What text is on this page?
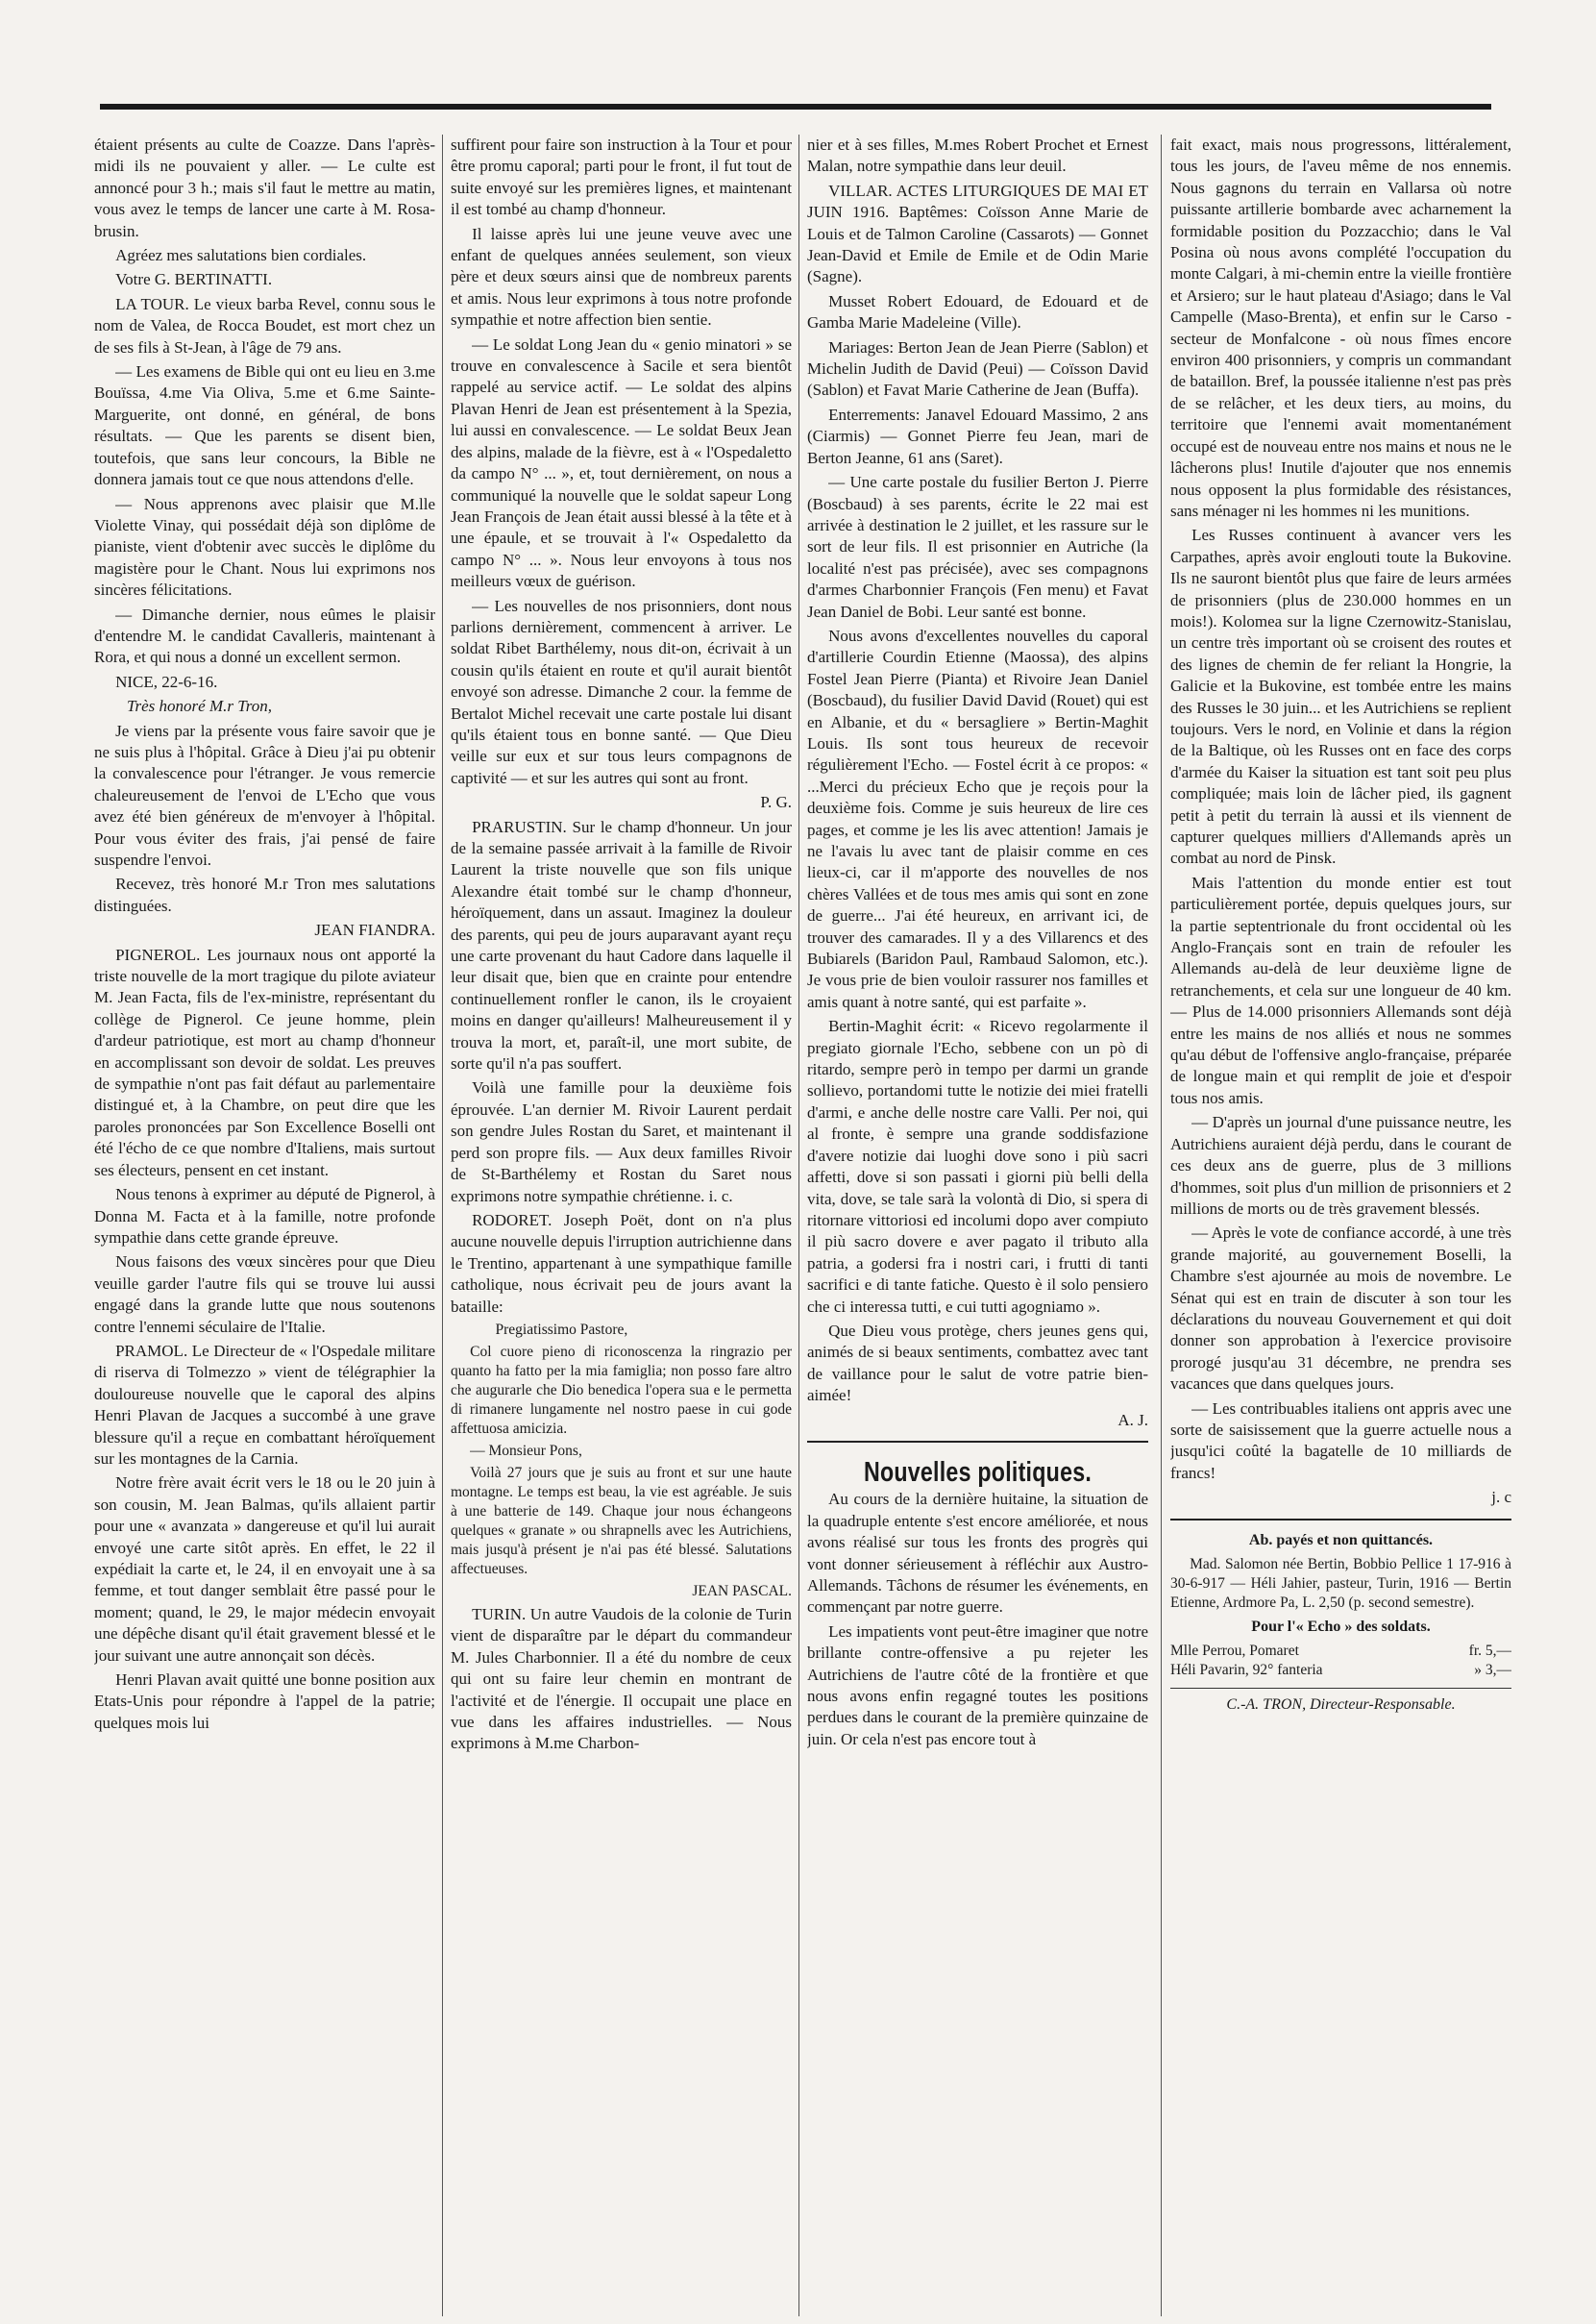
étaient présents au culte de Coazze. Dans l'après-midi ils ne pouvaient y aller. — Le culte est annoncé pour 3 h.; mais s'il faut le mettre au matin, vous avez le temps de lancer une carte à M. Rosa-brusin.

Agréez mes salutations bien cordiales.

Votre G. BERTINATTI.

LA TOUR. Le vieux barba Revel, connu sous le nom de Valea, de Rocca Boudet, est mort chez un de ses fils à St-Jean, à l'âge de 79 ans.

— Les examens de Bible qui ont eu lieu en 3.me Bouïssa, 4.me Via Oliva, 5.me et 6.me Sainte-Marguerite, ont donné, en général, de bons résultats. — Que les parents se disent bien, toutefois, que sans leur concours, la Bible ne donnera jamais tout ce que nous attendons d'elle.

— Nous apprenons avec plaisir que M.lle Violette Vinay, qui possédait déjà son diplôme de pianiste, vient d'obtenir avec succès le diplôme du magistère pour le Chant. Nous lui exprimons nos sincères félicitations.

— Dimanche dernier, nous eûmes le plaisir d'entendre M. le candidat Cavalleris, maintenant à Rora, et qui nous a donné un excellent sermon.

NICE, 22-6-16.

Très honoré M.r Tron,

Je viens par la présente vous faire savoir que je ne suis plus à l'hôpital. Grâce à Dieu j'ai pu obtenir la convalescence pour l'étranger. Je vous remercie chaleureusement de l'envoi de L'Echo que vous avez été bien généreux de m'envoyer à l'hôpital. Pour vous éviter des frais, j'ai pensé de faire suspendre l'envoi.

Recevez, très honoré M.r Tron mes salutations distinguées.

JEAN FIANDRA.

PIGNEROL. Les journaux nous ont apporté la triste nouvelle de la mort tragique du pilote aviateur M. Jean Facta, fils de l'ex-ministre, représentant du collège de Pignerol. Ce jeune homme, plein d'ardeur patriotique, est mort au champ d'honneur en accomplissant son devoir de soldat. Les preuves de sympathie n'ont pas fait défaut au parlementaire distingué et, à la Chambre, on peut dire que les paroles prononcées par Son Excellence Boselli ont été l'écho de ce que nombre d'Italiens, mais surtout ses électeurs, pensent en cet instant.

Nous tenons à exprimer au député de Pignerol, à Donna M. Facta et à la famille, notre profonde sympathie dans cette grande épreuve.

Nous faisons des vœux sincères pour que Dieu veuille garder l'autre fils qui se trouve lui aussi engagé dans la grande lutte que nous soutenons contre l'ennemi séculaire de l'Italie.

PRAMOL. Le Directeur de « l'Ospedale militare di riserva di Tolmezzo » vient de télégraphier la douloureuse nouvelle que le caporal des alpins Henri Plavan de Jacques a succombé à une grave blessure qu'il a reçue en combattant héroïquement sur les montagnes de la Carnia.

Notre frère avait écrit vers le 18 ou le 20 juin à son cousin, M. Jean Balmas, qu'ils allaient partir pour une « avanzata » dangereuse et qu'il lui aurait envoyé une carte sitôt après. En effet, le 22 il expédiait la carte et, le 24, il en envoyait une à sa femme, et tout danger semblait être passé pour le moment; quand, le 29, le major médecin envoyait une dépêche disant qu'il était gravement blessé et le jour suivant une autre annonçait son décès.

Henri Plavan avait quitté une bonne position aux Etats-Unis pour répondre à l'appel de la patrie; quelques mois lui

suffirent pour faire son instruction à la Tour et pour être promu caporal; parti pour le front, il fut tout de suite envoyé sur les premières lignes, et maintenant il est tombé au champ d'honneur.

Il laisse après lui une jeune veuve avec une enfant de quelques années seulement, son vieux père et deux sœurs ainsi que de nombreux parents et amis. Nous leur exprimons à tous notre profonde sympathie et notre affection bien sentie.

— Le soldat Long Jean du « genio minatori » se trouve en convalescence à Sacile et sera bientôt rappelé au service actif. — Le soldat des alpins Plavan Henri de Jean est présentement à la Spezia, lui aussi en convalescence. — Le soldat Beux Jean des alpins, malade de la fièvre, est à « l'Ospedaletto da campo N° ... », et, tout dernièrement, on nous a communiqué la nouvelle que le soldat sapeur Long Jean François de Jean était aussi blessé à la tête et à une épaule, et se trouvait à l'« Ospedaletto da campo N° ... ». Nous leur envoyons à tous nos meilleurs vœux de guérison.

— Les nouvelles de nos prisonniers, dont nous parlions dernièrement, commencent à arriver. Le soldat Ribet Barthélemy, nous dit-on, écrivait à un cousin qu'ils étaient en route et qu'il aurait bientôt envoyé son adresse. Dimanche 2 cour. la femme de Bertalot Michel recevait une carte postale lui disant qu'ils étaient tous en bonne santé. — Que Dieu veille sur eux et sur tous leurs compagnons de captivité — et sur les autres qui sont au front.

P. G.

PRARUSTIN. Sur le champ d'honneur. Un jour de la semaine passée arrivait à la famille de Rivoir Laurent la triste nouvelle que son fils unique Alexandre était tombé sur le champ d'honneur, héroïquement, dans un assaut. Imaginez la douleur des parents, qui peu de jours auparavant ayant reçu une carte provenant du haut Cadore dans laquelle il leur disait que, bien que en crainte pour entendre continuellement ronfler le canon, ils le croyaient moins en danger qu'ailleurs! Malheureusement il y trouva la mort, et, paraît-il, une mort subite, de sorte qu'il n'a pas souffert.

Voilà une famille pour la deuxième fois éprouvée. L'an dernier M. Rivoir Laurent perdait son gendre Jules Rostan du Saret, et maintenant il perd son propre fils. — Aux deux familles Rivoir de St-Barthélemy et Rostan du Saret nous exprimons notre sympathie chrétienne. i. c.

RODORET. Joseph Poët, dont on n'a plus aucune nouvelle depuis l'irruption autrichienne dans le Trentino, appartenant à une sympathique famille catholique, nous écrivait peu de jours avant la bataille:

Pregiatissimo Pastore,

Col cuore pieno di riconoscenza la ringrazio per quanto ha fatto per la mia famiglia; non posso fare altro che augurarle che Dio benedica l'opera sua e le permetta di rimanere lungamente nel nostro paese in cui gode affettuosa amicizia.

— Monsieur Pons,

Voilà 27 jours que je suis au front et sur une haute montagne. Le temps est beau, la vie est agréable. Je suis à une batterie de 149. Chaque jour nous échangeons quelques « granate » ou shrapnells avec les Autrichiens, mais jusqu'à présent je n'ai pas été blessé. Salutations affectueuses.

JEAN PASCAL.

TURIN. Un autre Vaudois de la colonie de Turin vient de disparaître par le départ du commandeur M. Jules Charbonnier. Il a été du nombre de ceux qui ont su faire leur chemin en montrant de l'activité et de l'énergie. Il occupait une place en vue dans les affaires industrielles. — Nous exprimons à M.me Charbon-

nier et à ses filles, M.mes Robert Prochet et Ernest Malan, notre sympathie dans leur deuil.

VILLAR. ACTES LITURGIQUES DE MAI ET JUIN 1916. Baptêmes: Coïsson Anne Marie de Louis et de Talmon Caroline (Cassarots) — Gonnet Jean-David et Emile de Emile et de Odin Marie (Sagne).

Musset Robert Edouard, de Edouard et de Gamba Marie Madeleine (Ville).

Mariages: Berton Jean de Jean Pierre (Sablon) et Michelin Judith de David (Peui) — Coïsson David (Sablon) et Favat Marie Catherine de Jean (Buffa).

Enterrements: Janavel Edouard Massimo, 2 ans (Ciarmis) — Gonnet Pierre feu Jean, mari de Berton Jeanne, 61 ans (Saret).

— Une carte postale du fusilier Berton J. Pierre (Boscbaud) à ses parents, écrite le 22 mai est arrivée à destination le 2 juillet, et les rassure sur le sort de leur fils. Il est prisonnier en Autriche (la localité n'est pas précisée), avec ses compagnons d'armes Charbonnier François (Fen menu) et Favat Jean Daniel de Bobi. Leur santé est bonne.

Nous avons d'excellentes nouvelles du caporal d'artillerie Courdin Etienne (Maossa), des alpins Fostel Jean Pierre (Pianta) et Rivoire Jean Daniel (Boscbaud), du fusilier David David (Rouet) qui est en Albanie, et du « bersagliere » Bertin-Maghit Louis. Ils sont tous heureux de recevoir régulièrement l'Echo. — Fostel écrit à ce propos: « ...Merci du précieux Echo que je reçois pour la deuxième fois. Comme je suis heureux de lire ces pages, et comme je les lis avec attention! Jamais je ne l'avais lu avec tant de plaisir comme en ces lieux-ci, car il m'apporte des nouvelles de nos chères Vallées et de tous mes amis qui sont en zone de guerre... J'ai été heureux, en arrivant ici, de trouver des camarades. Il y a des Villarencs et des Bubiarels (Baridon Paul, Rambaud Salomon, etc.). Je vous prie de bien vouloir rassurer nos familles et amis quant à notre santé, qui est parfaite ».

Bertin-Maghit écrit: « Ricevo regolarmente il pregiato giornale l'Echo, sebbene con un pò di ritardo, sempre però in tempo per darmi un grande sollievo, portandomi tutte le notizie dei miei fratelli d'armi, e anche delle nostre care Valli. Per noi, qui al fronte, è sempre una grande soddisfazione d'avere notizie dai luoghi dove sono i più sacri affetti, dove si son passati i giorni più belli della vita, dove, se tale sarà la volontà di Dio, si spera di ritornare vittoriosi ed incolumi dopo aver compiuto il più sacro dovere e aver pagato il tributo alla patria, a godersi fra i nostri cari, i frutti di tanti sacrifici e di tante fatiche. Questo è il solo pensiero che ci interessa tutti, e cui tutti agogniamo ».

Que Dieu vous protège, chers jeunes gens qui, animés de si beaux sentiments, combattez avec tant de vaillance pour le salut de votre patrie bien-aimée!

A. J.

Nouvelles politiques.

Au cours de la dernière huitaine, la situation de la quadruple entente s'est encore améliorée, et nous avons réalisé sur tous les fronts des progrès qui vont donner sérieusement à réfléchir aux Austro-Allemands. Tâchons de résumer les événements, en commençant par notre guerre.

Les impatients vont peut-être imaginer que notre brillante contre-offensive a pu rejeter les Autrichiens de l'autre côté de la frontière et que nous avons enfin regagné toutes les positions perdues dans le courant de la première quinzaine de juin. Or cela n'est pas encore tout à

fait exact, mais nous progressons, littéralement, tous les jours, de l'aveu même de nos ennemis. Nous gagnons du terrain en Vallarsa où notre puissante artillerie bombarde avec acharnement la formidable position du Pozzacchio; dans le Val Posina où nous avons complété l'occupation du monte Calgari, à mi-chemin entre la vieille frontière et Arsiero; sur le haut plateau d'Asiago; dans le Val Campelle (Maso-Brenta), et enfin sur le Carso - secteur de Monfalcone - où nous fîmes encore environ 400 prisonniers, y compris un commandant de bataillon. Bref, la poussée italienne n'est pas près de se relâcher, et les deux tiers, au moins, du territoire que l'ennemi avait momentanément occupé est de nouveau entre nos mains et nous ne le lâcherons plus! Inutile d'ajouter que nos ennemis nous opposent la plus formidable des résistances, sans ménager ni les hommes ni les munitions.

Les Russes continuent à avancer vers les Carpathes, après avoir englouti toute la Bukovine. Ils ne sauront bientôt plus que faire de leurs armées de prisonniers (plus de 230.000 hommes en un mois!). Kolomea sur la ligne Czernowitz-Stanislau, un centre très important où se croisent des routes et des lignes de chemin de fer reliant la Hongrie, la Galicie et la Bukovine, est tombée entre les mains des Russes le 30 juin... et les Autrichiens se replient toujours. Vers le nord, en Volinie et dans la région de la Baltique, où les Russes ont en face des corps d'armée du Kaiser la situation est tant soit peu plus compliquée; mais loin de lâcher pied, ils gagnent petit à petit du terrain là aussi et ils viennent de capturer quelques milliers d'Allemands après un combat au nord de Pinsk.

Mais l'attention du monde entier est tout particulièrement portée, depuis quelques jours, sur la partie septentrionale du front occidental où les Anglo-Français sont en train de refouler les Allemands au-delà de leur deuxième ligne de retranchements, et cela sur une longueur de 40 km. — Plus de 14.000 prisonniers Allemands sont déjà entre les mains de nos alliés et nous ne sommes qu'au début de l'offensive anglo-française, préparée de longue main et qui remplit de joie et d'espoir tous nos amis.

— D'après un journal d'une puissance neutre, les Autrichiens auraient déjà perdu, dans le courant de ces deux ans de guerre, plus de 3 millions d'hommes, soit plus d'un million de prisonniers et 2 millions de morts ou de très gravement blessés.

— Après le vote de confiance accordé, à une très grande majorité, au gouvernement Boselli, la Chambre s'est ajournée au mois de novembre. Le Sénat qui est en train de discuter à son tour les déclarations du nouveau Gouvernement et qui doit donner son approbation à l'exercice provisoire prorogé jusqu'au 31 décembre, ne prendra ses vacances que dans quelques jours.

— Les contribuables italiens ont appris avec une sorte de saisissement que la guerre actuelle nous a jusqu'ici coûté la bagatelle de 10 milliards de francs!

j. c

Ab. payés et non quittancés.

Mad. Salomon née Bertin, Bobbio Pellice 1 17-916 à 30-6-917 — Héli Jahier, pasteur, Turin, 1916 — Bertin Etienne, Ardmore Pa, L. 2,50 (p. second semestre).

Pour l'« Echo » des soldats.
Mlle Perrou, Pomaret	fr. 5,—
Héli Pavarin, 92° fanteria	» 3,—
C.-A. TRON, Directeur-Responsable.
